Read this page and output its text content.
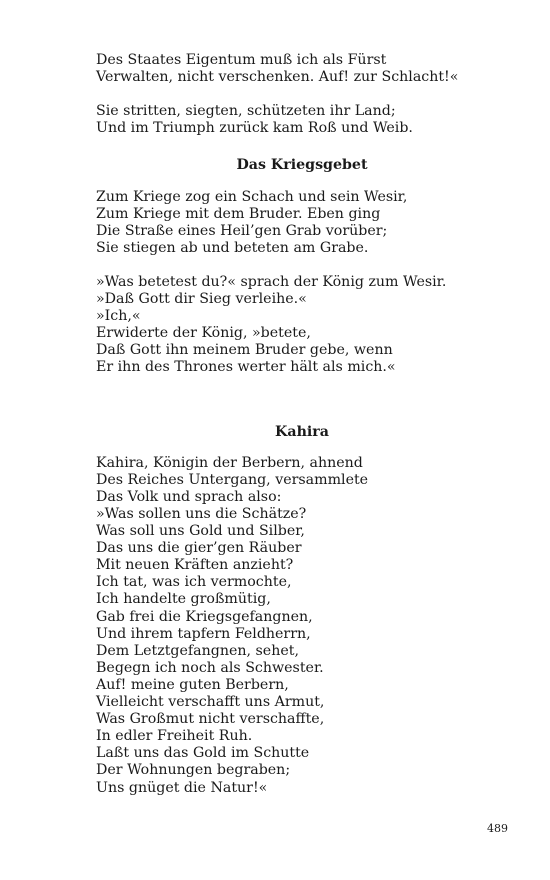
Des Staates Eigentum muß ich als Fürst
Verwalten, nicht verschenken. Auf! zur Schlacht!«
Sie stritten, siegten, schützeten ihr Land;
Und im Triumph zurück kam Roß und Weib.
Das Kriegsgebet
Zum Kriege zog ein Schach und sein Wesir,
Zum Kriege mit dem Bruder. Eben ging
Die Straße eines Heil’gen Grab vorüber;
Sie stiegen ab und beteten am Grabe.
»Was betetest du?« sprach der König zum Wesir.
»Daß Gott dir Sieg verleihe.«
»Ich,«
Erwiderte der König, »betete,
Daß Gott ihn meinem Bruder gebe, wenn
Er ihn des Thrones werter hält als mich.«
Kahira
Kahira, Königin der Berbern, ahnend
Des Reiches Untergang, versammlete
Das Volk und sprach also:
»Was sollen uns die Schätze?
Was soll uns Gold und Silber,
Das uns die gier’gen Räuber
Mit neuen Kräften anzieht?
Ich tat, was ich vermochte,
Ich handelte großmütig,
Gab frei die Kriegsgefangnen,
Und ihrem tapfern Feldherrn,
Dem Letztgefangnen, sehet,
Begegn ich noch als Schwester.
Auf! meine guten Berbern,
Vielleicht verschafft uns Armut,
Was Großmut nicht verschaffte,
In edler Freiheit Ruh.
Laßt uns das Gold im Schutte
Der Wohnungen begraben;
Uns gnüget die Natur!«
489
